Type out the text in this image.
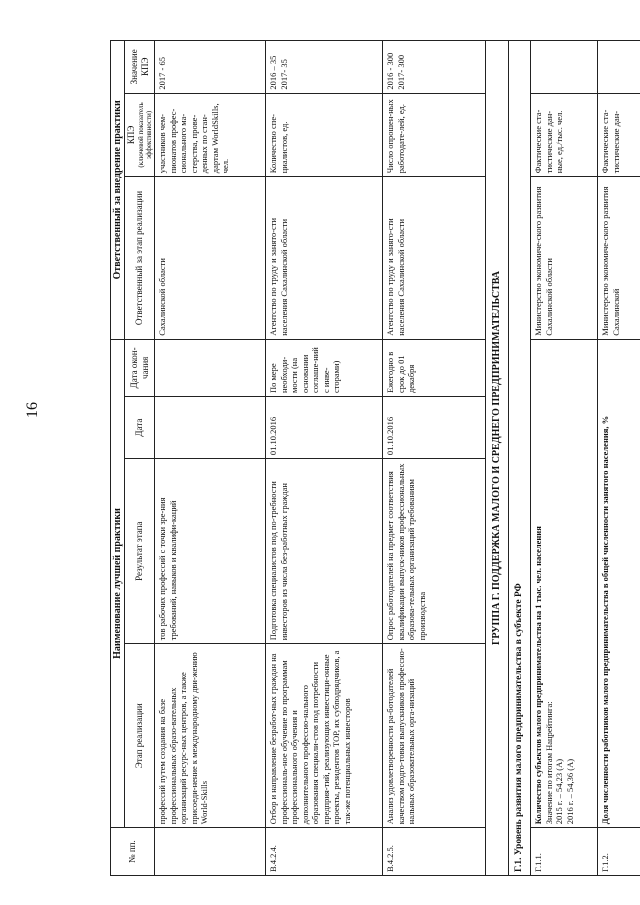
16
№ пп.	Наименование лучшей практики				Ответственный за внедрение практики		
	Этап реализации	Результат этапа	Дата	Дата окон-чания	Ответственный за этап реализации	КПЭ (ключевой показатель эффективности)	Значение КПЭ
	профессий путем создания на базе профессиональных образо-вательных организаций ресурс-ных центров, а также присоеди-нение к международному дви-жению World-Skills	тов рабочих профессий с точки зре-ния требований, навыков и квалифи-каций			Сахалинской области	участников чем-пионатов профес-сионального ма-стерства, прове-денных по стан-дартам WorldSkills, чел.	2017 - 65
В.4.2.4.	Отбор и направление безработ-ных граждан на профессиональ-ное обучение по программам профессионального обучения и дополнительного профессио-нального образования специали-стов под потребности предприя-тий, реализующих инвестици-онные проекты, резидентов ТОР, их субподрядчиков, а так-же потенциальных инвесторов	Подготовка специалистов под по-требности инвесторов из числа без-работных граждан	01.10.2016	По мере необходи-мости (на основании соглаше-ний с инве-сторами)	Агентство по труду и занято-сти населения Сахалинской области	Количество спе-циалистов, ед.	2016 – 35
2017- 35
В.4.2.5.	Анализ удовлетворенности ра-ботодателей качеством подго-товки выпускников профессио-нальных образовательных орга-низаций	Опрос работодателей на предмет соответствия квалификации выпуск-ников профессиональных образова-тельных организаций требованиям производства	01.10.2016	Ежегодно в срок до 01 декабря	Агентство по труду и заняго-сти населения Сахалинской области	Число опрошен-ных работодате-лей, ед.	2016 - 300
2017- 300
ГРУППА Г. ПОДДЕРЖКА МАЛОГО И СРЕДНЕГО ПРЕДПРИНИМАТЕЛЬСТВА							
Г.1. Уровень развития малого предпринимательства в субъекте РФ							
Г.1.1.	Количество субъектов малого предпринимательства на 1 тыс. чел. населения Значение по итогам Нацрейтинга: 2015 г. – 54,23 (А) 2016 г. – 54,36 (А)				Министерство экономиче-ского развития Сахалинской области	Фактические ста-тистические дан-ные, ед./тыс. чел.	
Г.1.2.	Доля численности работников малого предпринимательства в общей численности занятого населения, %				Министерство экономиче-ского развития Сахалинской	Фактические ста-тистические дан-	
